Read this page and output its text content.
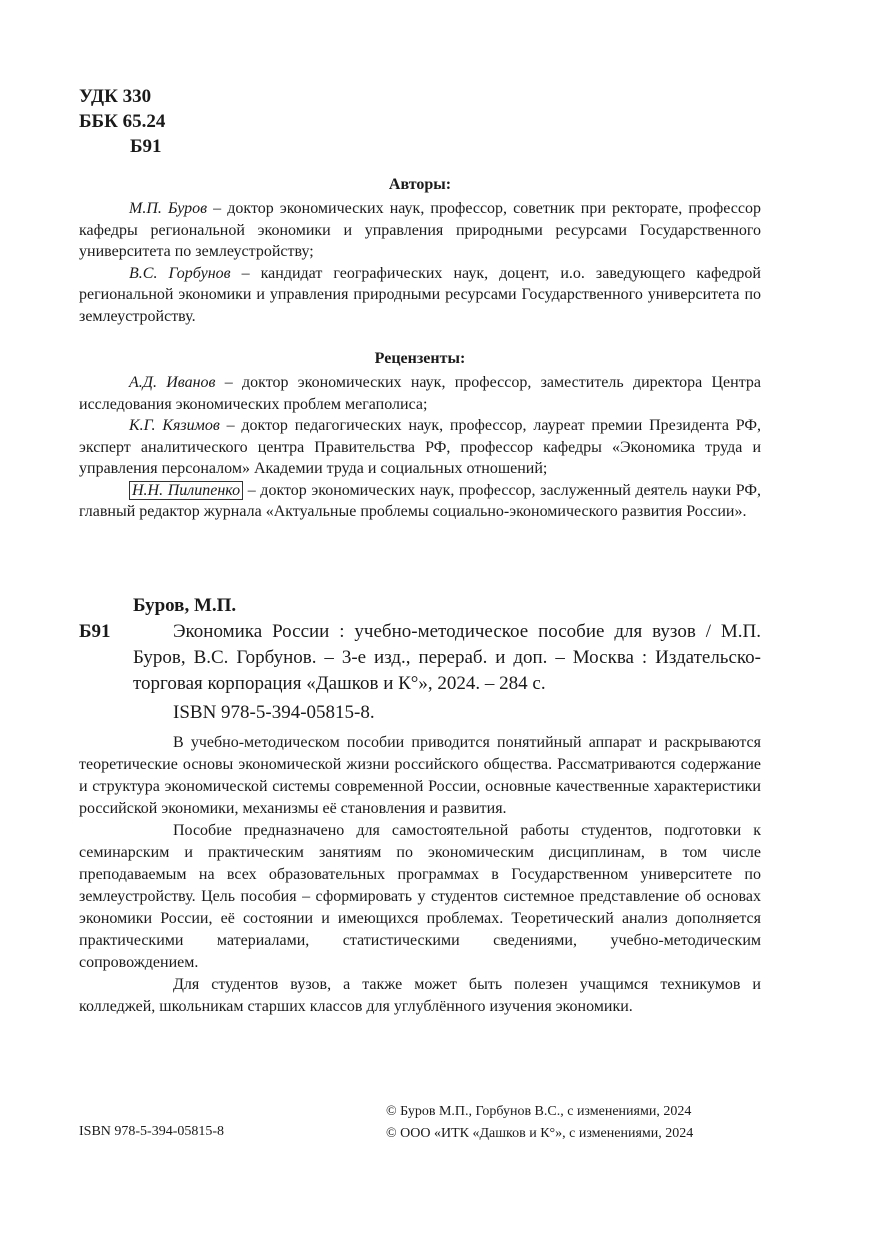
УДК 330
ББК 65.24
Б91
Авторы:

М.П. Буров – доктор экономических наук, профессор, советник при ректорате, профессор кафедры региональной экономики и управления природными ресурсами Государственного университета по землеустройству;

В.С. Горбунов – кандидат географических наук, доцент, и.о. заведующего кафедрой региональной экономики и управления природными ресурсами Государственного университета по землеустройству.

Рецензенты:

А.Д. Иванов – доктор экономических наук, профессор, заместитель директора Центра исследования экономических проблем мегаполиса;

К.Г. Кязимов – доктор педагогических наук, профессор, лауреат премии Президента РФ, эксперт аналитического центра Правительства РФ, профессор кафедры «Экономика труда и управления персоналом» Академии труда и социальных отношений;

Н.Н. Пилипенко – доктор экономических наук, профессор, заслуженный деятель науки РФ, главный редактор журнала «Актуальные проблемы социально-экономического развития России».

Буров, М.П.
Б91	Экономика России : учебно-методическое пособие для вузов / М.П. Буров, В.С. Горбунов. – 3-е изд., перераб. и доп. – Москва : Издательско-торговая корпорация «Дашков и К°», 2024. – 284 с.

ISBN 978-5-394-05815-8.

В учебно-методическом пособии приводится понятийный аппарат и раскрываются теоретические основы экономической жизни российского общества. Рассматриваются содержание и структура экономической системы современной России, основные качественные характеристики российской экономики, механизмы её становления и развития.

Пособие предназначено для самостоятельной работы студентов, подготовки к семинарским и практическим занятиям по экономическим дисциплинам, в том числе преподаваемым на всех образовательных программах в Государственном университете по землеустройству. Цель пособия – сформировать у студентов системное представление об основах экономики России, её состоянии и имеющихся проблемах. Теоретический анализ дополняется практическими материалами, статистическими сведениями, учебно-методическим сопровождением.

Для студентов вузов, а также может быть полезен учащимся техникумов и колледжей, школьникам старших классов для углублённого изучения экономики.

ISBN 978-5-394-05815-8
© Буров М.П., Горбунов В.С., с изменениями, 2024
© ООО «ИТК «Дашков и К°», с изменениями, 2024
